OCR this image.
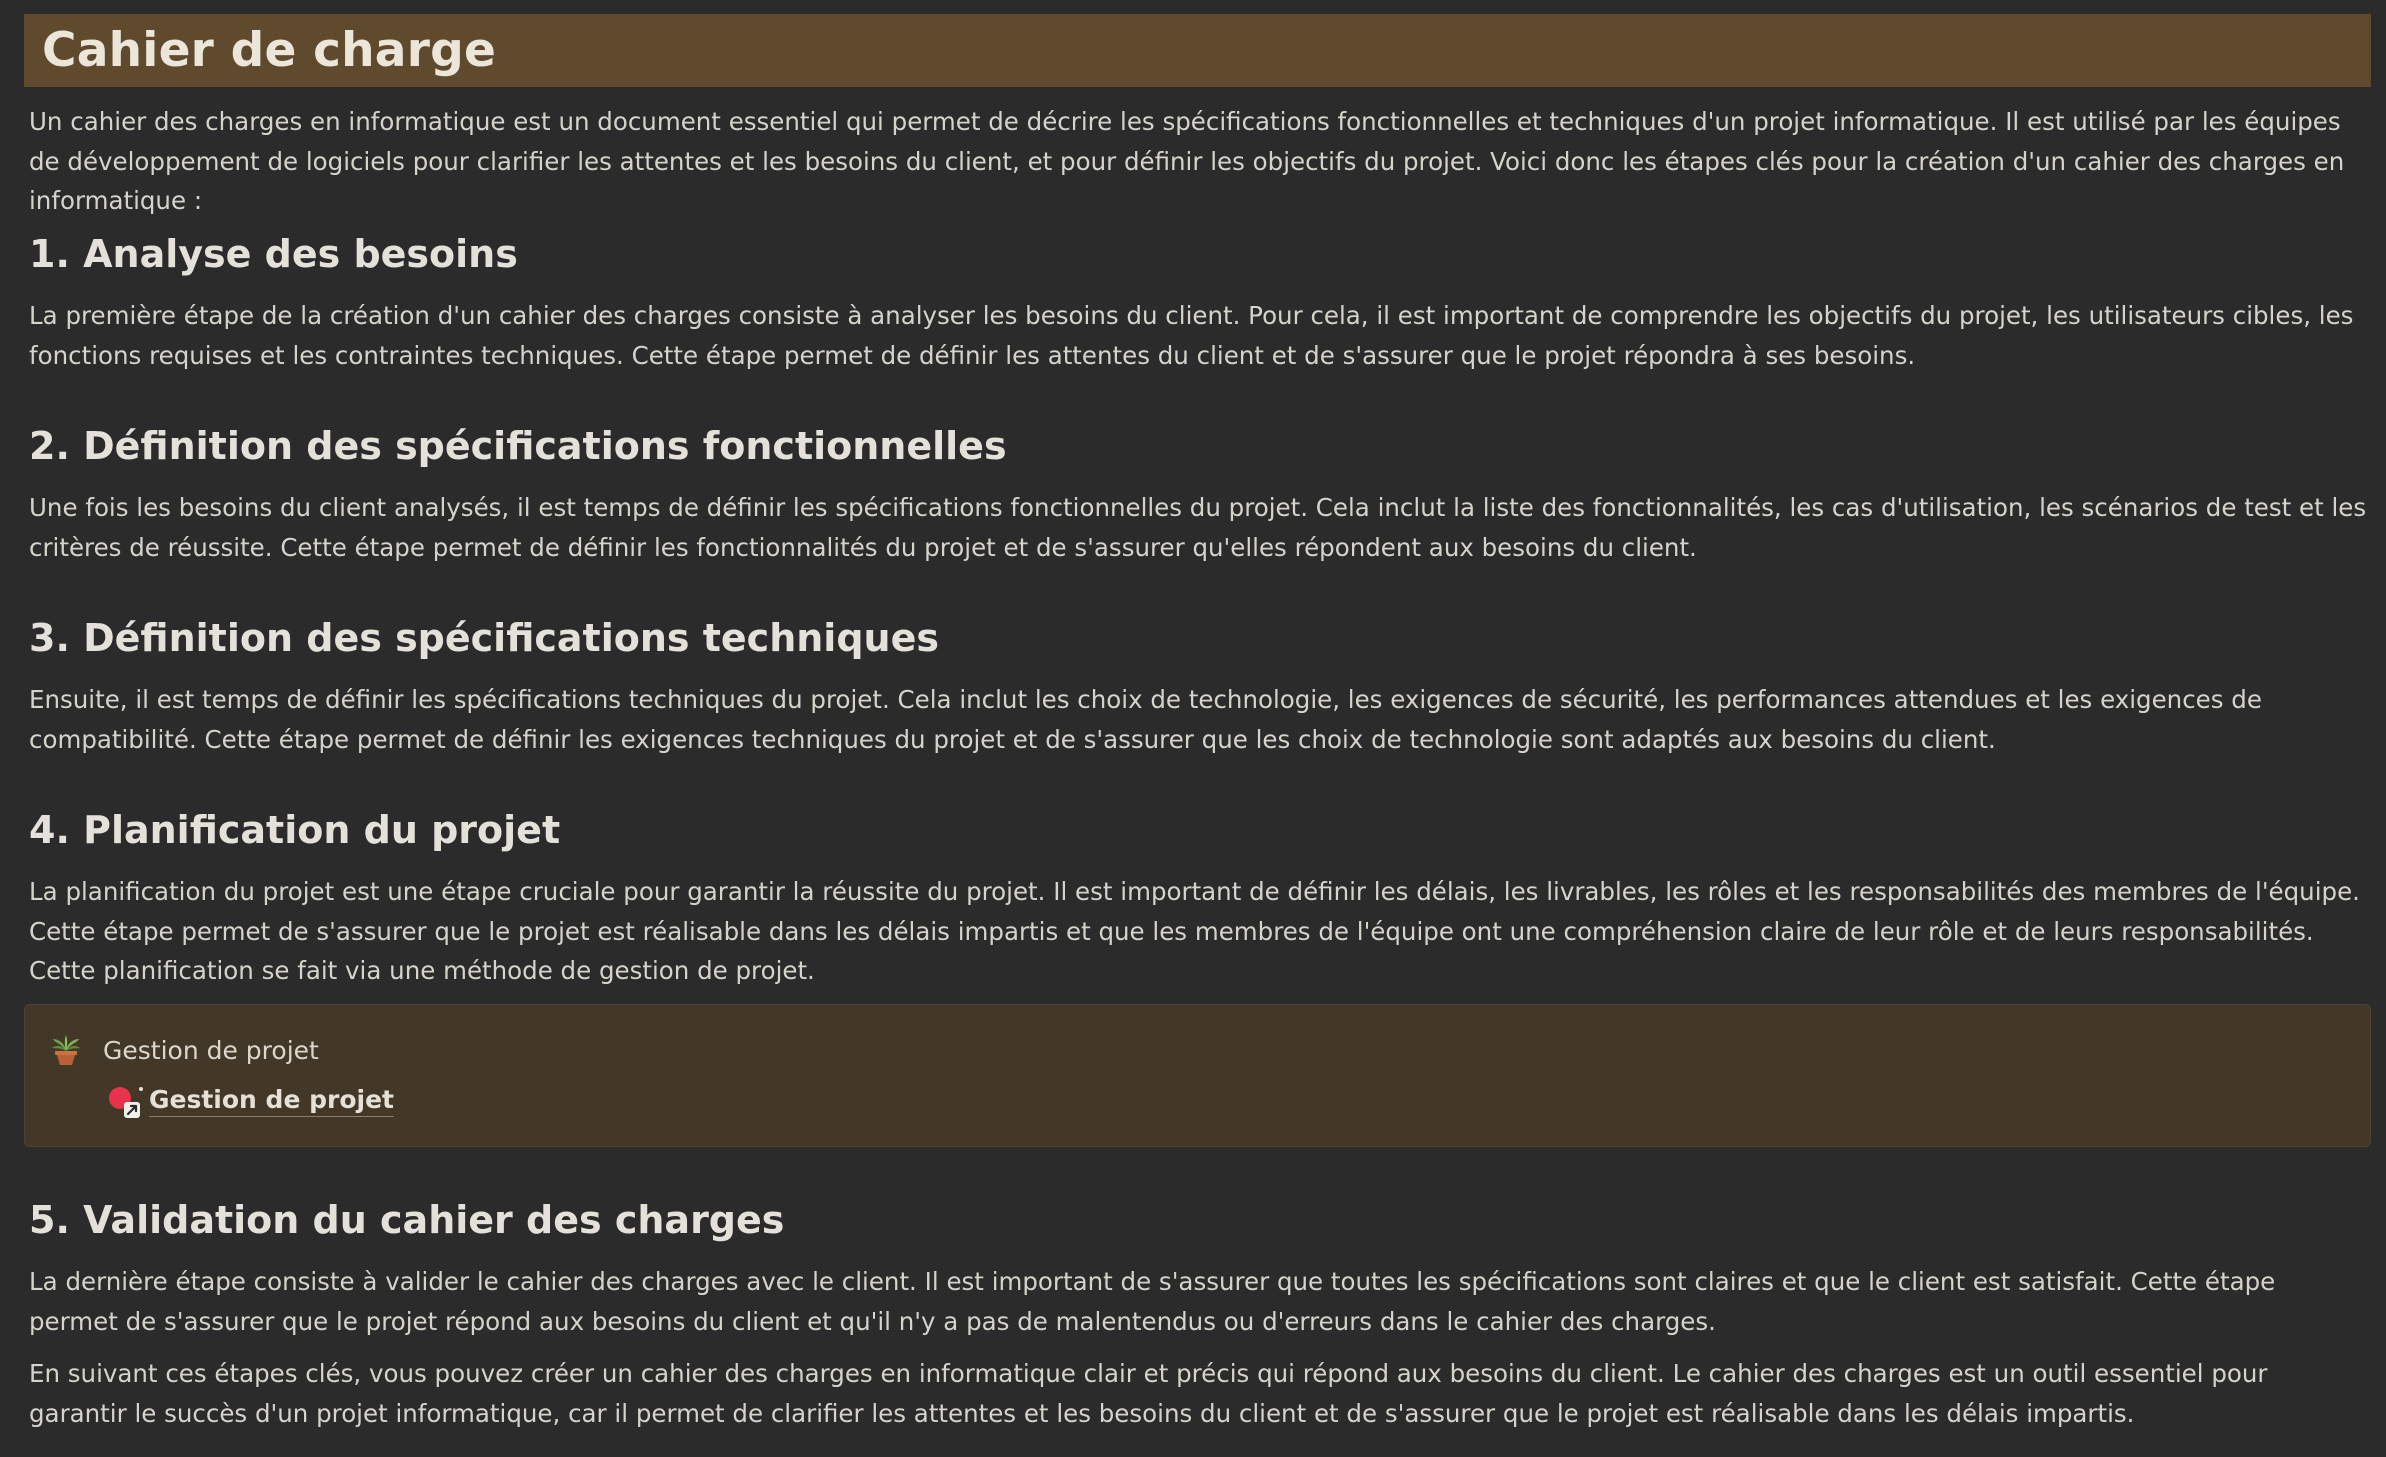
Cahier de charge

Un cahier des charges en informatique est un document essentiel qui permet de décrire les spécifications fonctionnelles et techniques d'un projet informatique. Il est utilisé par les équipes de développement de logiciels pour clarifier les attentes et les besoins du client, et pour définir les objectifs du projet. Voici donc les étapes clés pour la création d'un cahier des charges en informatique :

1. Analyse des besoins

La première étape de la création d'un cahier des charges consiste à analyser les besoins du client. Pour cela, il est important de comprendre les objectifs du projet, les utilisateurs cibles, les fonctions requises et les contraintes techniques. Cette étape permet de définir les attentes du client et de s'assurer que le projet répondra à ses besoins.

2. Définition des spécifications fonctionnelles

Une fois les besoins du client analysés, il est temps de définir les spécifications fonctionnelles du projet. Cela inclut la liste des fonctionnalités, les cas d'utilisation, les scénarios de test et les critères de réussite. Cette étape permet de définir les fonctionnalités du projet et de s'assurer qu'elles répondent aux besoins du client.

3. Définition des spécifications techniques

Ensuite, il est temps de définir les spécifications techniques du projet. Cela inclut les choix de technologie, les exigences de sécurité, les performances attendues et les exigences de compatibilité. Cette étape permet de définir les exigences techniques du projet et de s'assurer que les choix de technologie sont adaptés aux besoins du client.

4. Planification du projet

La planification du projet est une étape cruciale pour garantir la réussite du projet. Il est important de définir les délais, les livrables, les rôles et les responsabilités des membres de l'équipe. Cette étape permet de s'assurer que le projet est réalisable dans les délais impartis et que les membres de l'équipe ont une compréhension claire de leur rôle et de leurs responsabilités. Cette planification se fait via une méthode de gestion de projet.

Gestion de projet
Gestion de projet
5. Validation du cahier des charges

La dernière étape consiste à valider le cahier des charges avec le client. Il est important de s'assurer que toutes les spécifications sont claires et que le client est satisfait. Cette étape permet de s'assurer que le projet répond aux besoins du client et qu'il n'y a pas de malentendus ou d'erreurs dans le cahier des charges.

En suivant ces étapes clés, vous pouvez créer un cahier des charges en informatique clair et précis qui répond aux besoins du client. Le cahier des charges est un outil essentiel pour garantir le succès d'un projet informatique, car il permet de clarifier les attentes et les besoins du client et de s'assurer que le projet est réalisable dans les délais impartis.
